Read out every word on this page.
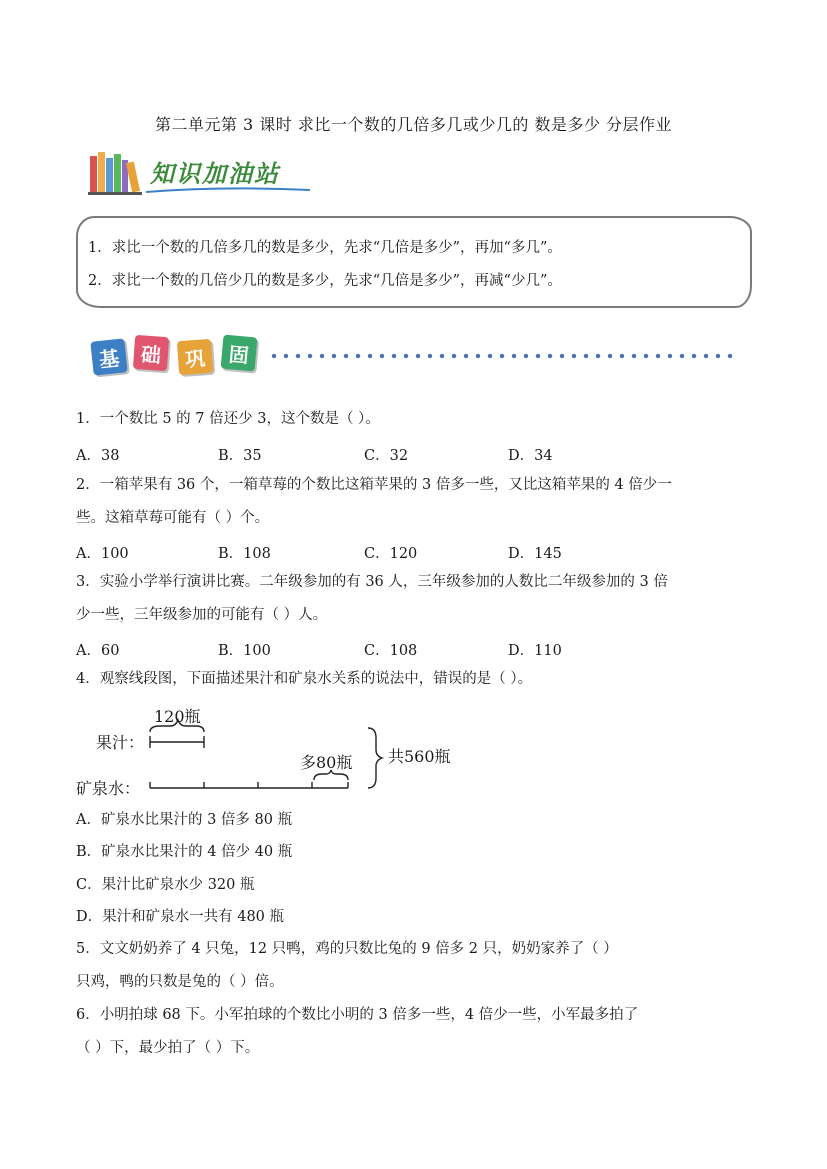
第二单元第 3 课时 求比一个数的几倍多几或少几的 数是多少 分层作业
知识加油站
1．求比一个数的几倍多几的数是多少，先求“几倍是多少”，再加“多几”。
2．求比一个数的几倍少几的数是多少，先求“几倍是多少”，再减“少几”。
基 础	巩	固
1．一个数比 5 的 7 倍还少 3，这个数是（ ）。
A．38	B．35	C．32	D．34
2．一箱苹果有 36 个，一箱草莓的个数比这箱苹果的 3 倍多一些，又比这箱苹果的 4 倍少一
些。这箱草莓可能有（ ）个。
A．100	B．108	C．120	D．145
3．实验小学举行演讲比赛。二年级参加的有 36 人，三年级参加的人数比二年级参加的 3 倍
少一些，三年级参加的可能有（ ）人。
A．60	B．100	C．108	D．110
4．观察线段图，下面描述果汁和矿泉水关系的说法中，错误的是（ ）。
120瓶
果汁：
多80瓶
矿泉水：
共560瓶
A．矿泉水比果汁的 3 倍多 80 瓶
B．矿泉水比果汁的 4 倍少 40 瓶
C．果汁比矿泉水少 320 瓶
D．果汁和矿泉水一共有 480 瓶
5．文文奶奶养了 4 只兔，12 只鸭，鸡的只数比兔的 9 倍多 2 只，奶奶家养了（ ）
只鸡，鸭的只数是兔的（ ）倍。
6．小明拍球 68 下。小军拍球的个数比小明的 3 倍多一些，4 倍少一些，小军最多拍了
（ ）下，最少拍了（ ）下。
